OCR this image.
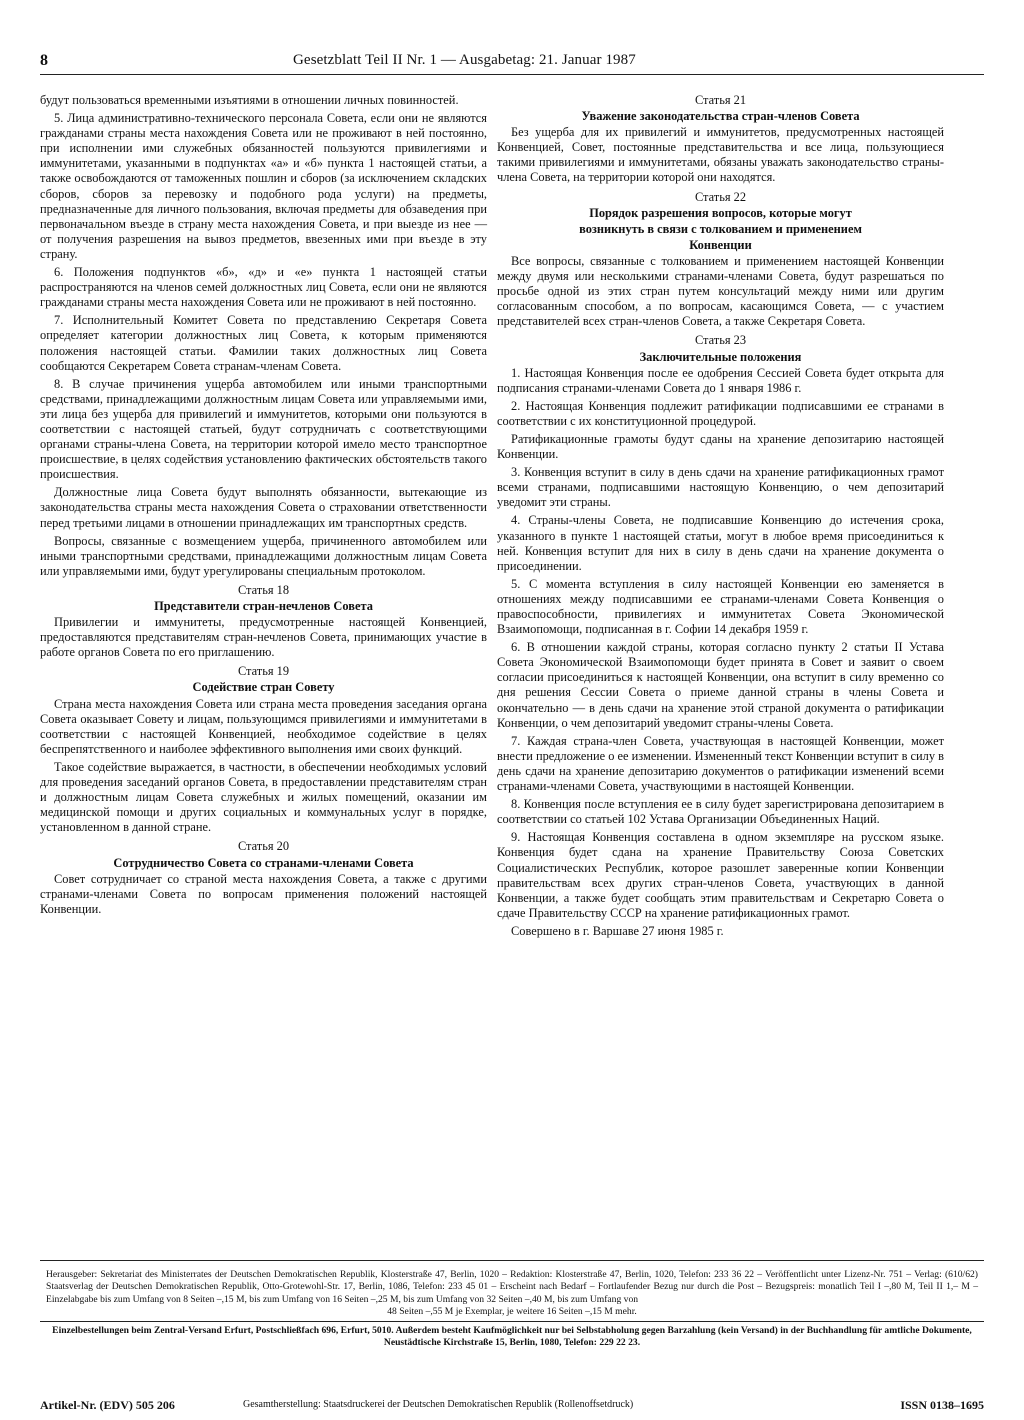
8	Gesetzblatt Teil II Nr. 1 — Ausgabetag: 21. Januar 1987

будут пользоваться временными изъятиями в отношении личных повинностей.

5. Лица административно-технического персонала Совета, если они не являются гражданами страны места нахождения Совета или не проживают в ней постоянно, при исполнении ими служебных обязанностей пользуются привилегиями и иммунитетами, указанными в подпунктах «а» и «б» пункта 1 настоящей статьи, а также освобождаются от таможенных пошлин и сборов (за исключением складских сборов, сборов за перевозку и подобного рода услуги) на предметы, предназначенные для личного пользования, включая предметы для обзаведения при первоначальном въезде в страну места нахождения Совета, и при выезде из нее — от получения разрешения на вывоз предметов, ввезенных ими при въезде в эту страну.

6. Положения подпунктов «б», «д» и «е» пункта 1 настоящей статьи распространяются на членов семей должностных лиц Совета, если они не являются гражданами страны места нахождения Совета или не проживают в ней постоянно.

7. Исполнительный Комитет Совета по представлению Секретаря Совета определяет категории должностных лиц Совета, к которым применяются положения настоящей статьи. Фамилии таких должностных лиц Совета сообщаются Секретарем Совета странам-членам Совета.

8. В случае причинения ущерба автомобилем или иными транспортными средствами, принадлежащими должностным лицам Совета или управляемыми ими, эти лица без ущерба для привилегий и иммунитетов, которыми они пользуются в соответствии с настоящей статьей, будут сотрудничать с соответствующими органами страны-члена Совета, на территории которой имело место транспортное происшествие, в целях содействия установлению фактических обстоятельств такого происшествия.

Должностные лица Совета будут выполнять обязанности, вытекающие из законодательства страны места нахождения Совета о страховании ответственности перед третьими лицами в отношении принадлежащих им транспортных средств.

Вопросы, связанные с возмещением ущерба, причиненного автомобилем или иными транспортными средствами, принадлежащими должностным лицам Совета или управляемыми ими, будут урегулированы специальным протоколом.

Статья 18
Представители стран-нечленов Совета

Привилегии и иммунитеты, предусмотренные настоящей Конвенцией, предоставляются представителям стран-нечленов Совета, принимающих участие в работе органов Совета по его приглашению.

Статья 19
Содействие стран Совету

Страна места нахождения Совета или страна места проведения заседания органа Совета оказывает Совету и лицам, пользующимся привилегиями и иммунитетами в соответствии с настоящей Конвенцией, необходимое содействие в целях беспрепятственного и наиболее эффективного выполнения ими своих функций.

Такое содействие выражается, в частности, в обеспечении необходимых условий для проведения заседаний органов Совета, в предоставлении представителям стран и должностным лицам Совета служебных и жилых помещений, оказании им медицинской помощи и других социальных и коммунальных услуг в порядке, установленном в данной стране.

Статья 20
Сотрудничество Совета со странами-членами Совета

Совет сотрудничает со страной места нахождения Совета, а также с другими странами-членами Совета по вопросам применения положений настоящей Конвенции.

Статья 21
Уважение законодательства стран-членов Совета

Без ущерба для их привилегий и иммунитетов, предусмотренных настоящей Конвенцией, Совет, постоянные представительства и все лица, пользующиеся такими привилегиями и иммунитетами, обязаны уважать законодательство страны-члена Совета, на территории которой они находятся.

Статья 22
Порядок разрешения вопросов, которые могут
возникнуть в связи с толкованием и применением
Конвенции

Все вопросы, связанные с толкованием и применением настоящей Конвенции между двумя или несколькими странами-членами Совета, будут разрешаться по просьбе одной из этих стран путем консультаций между ними или другим согласованным способом, а по вопросам, касающимся Совета, — с участием представителей всех стран-членов Совета, а также Секретаря Совета.

Статья 23
Заключительные положения

1. Настоящая Конвенция после ее одобрения Сессией Совета будет открыта для подписания странами-членами Совета до 1 января 1986 г.

2. Настоящая Конвенция подлежит ратификации подписавшими ее странами в соответствии с их конституционной процедурой.

Ратификационные грамоты будут сданы на хранение депозитарию настоящей Конвенции.

3. Конвенция вступит в силу в день сдачи на хранение ратификационных грамот всеми странами, подписавшими настоящую Конвенцию, о чем депозитарий уведомит эти страны.

4. Страны-члены Совета, не подписавшие Конвенцию до истечения срока, указанного в пункте 1 настоящей статьи, могут в любое время присоединиться к ней. Конвенция вступит для них в силу в день сдачи на хранение документа о присоединении.

5. С момента вступления в силу настоящей Конвенции ею заменяется в отношениях между подписавшими ее странами-членами Совета Конвенция о правоспособности, привилегиях и иммунитетах Совета Экономической Взаимопомощи, подписанная в г. Софии 14 декабря 1959 г.

6. В отношении каждой страны, которая согласно пункту 2 статьи II Устава Совета Экономической Взаимопомощи будет принята в Совет и заявит о своем согласии присоединиться к настоящей Конвенции, она вступит в силу временно со дня решения Сессии Совета о приеме данной страны в члены Совета и окончательно — в день сдачи на хранение этой страной документа о ратификации Конвенции, о чем депозитарий уведомит страны-члены Совета.

7. Каждая страна-член Совета, участвующая в настоящей Конвенции, может внести предложение о ее изменении. Измененный текст Конвенции вступит в силу в день сдачи на хранение депозитарию документов о ратификации изменений всеми странами-членами Совета, участвующими в настоящей Конвенции.

8. Конвенция после вступления ее в силу будет зарегистрирована депозитарием в соответствии со статьей 102 Устава Организации Объединенных Наций.

9. Настоящая Конвенция составлена в одном экземпляре на русском языке. Конвенция будет сдана на хранение Правительству Союза Советских Социалистических Республик, которое разошлет заверенные копии Конвенции правительствам всех других стран-членов Совета, участвующих в данной Конвенции, а также будет сообщать этим правительствам и Секретарю Совета о сдаче Правительству СССР на хранение ратификационных грамот.

Совершено в г. Варшаве 27 июня 1985 г.

Herausgeber: Sekretariat des Ministerrates der Deutschen Demokratischen Republik, Klosterstraße 47, Berlin, 1020 – Redaktion: Klosterstraße 47, Berlin, 1020, Telefon: 233 36 22 – Veröffentlicht unter Lizenz-Nr. 751 – Verlag: (610/62) Staatsverlag der Deutschen Demokratischen Republik, Otto-Grotewohl-Str. 17, Berlin, 1086, Telefon: 233 45 01 – Erscheint nach Bedarf – Fortlaufender Bezug nur durch die Post – Bezugspreis: monatlich Teil I –,80 M, Teil II 1,– M – Einzelabgabe bis zum Umfang von 8 Seiten –,15 M, bis zum Umfang von 16 Seiten –,25 M, bis zum Umfang von 32 Seiten –,40 M, bis zum Umfang von
48 Seiten –,55 M je Exemplar, je weitere 16 Seiten –,15 M mehr.
Einzelbestellungen beim Zentral-Versand Erfurt, Postschließfach 696, Erfurt, 5010. Außerdem besteht Kaufmöglichkeit nur bei Selbstabholung gegen Barzahlung (kein Versand) in der Buchhandlung für amtliche Dokumente, Neustädtische Kirchstraße 15, Berlin, 1080, Telefon: 229 22 23.
Artikel-Nr. (EDV) 505 206	Gesamtherstellung: Staatsdruckerei der Deutschen Demokratischen Republik (Rollenoffsetdruck)	ISSN 0138–1695
